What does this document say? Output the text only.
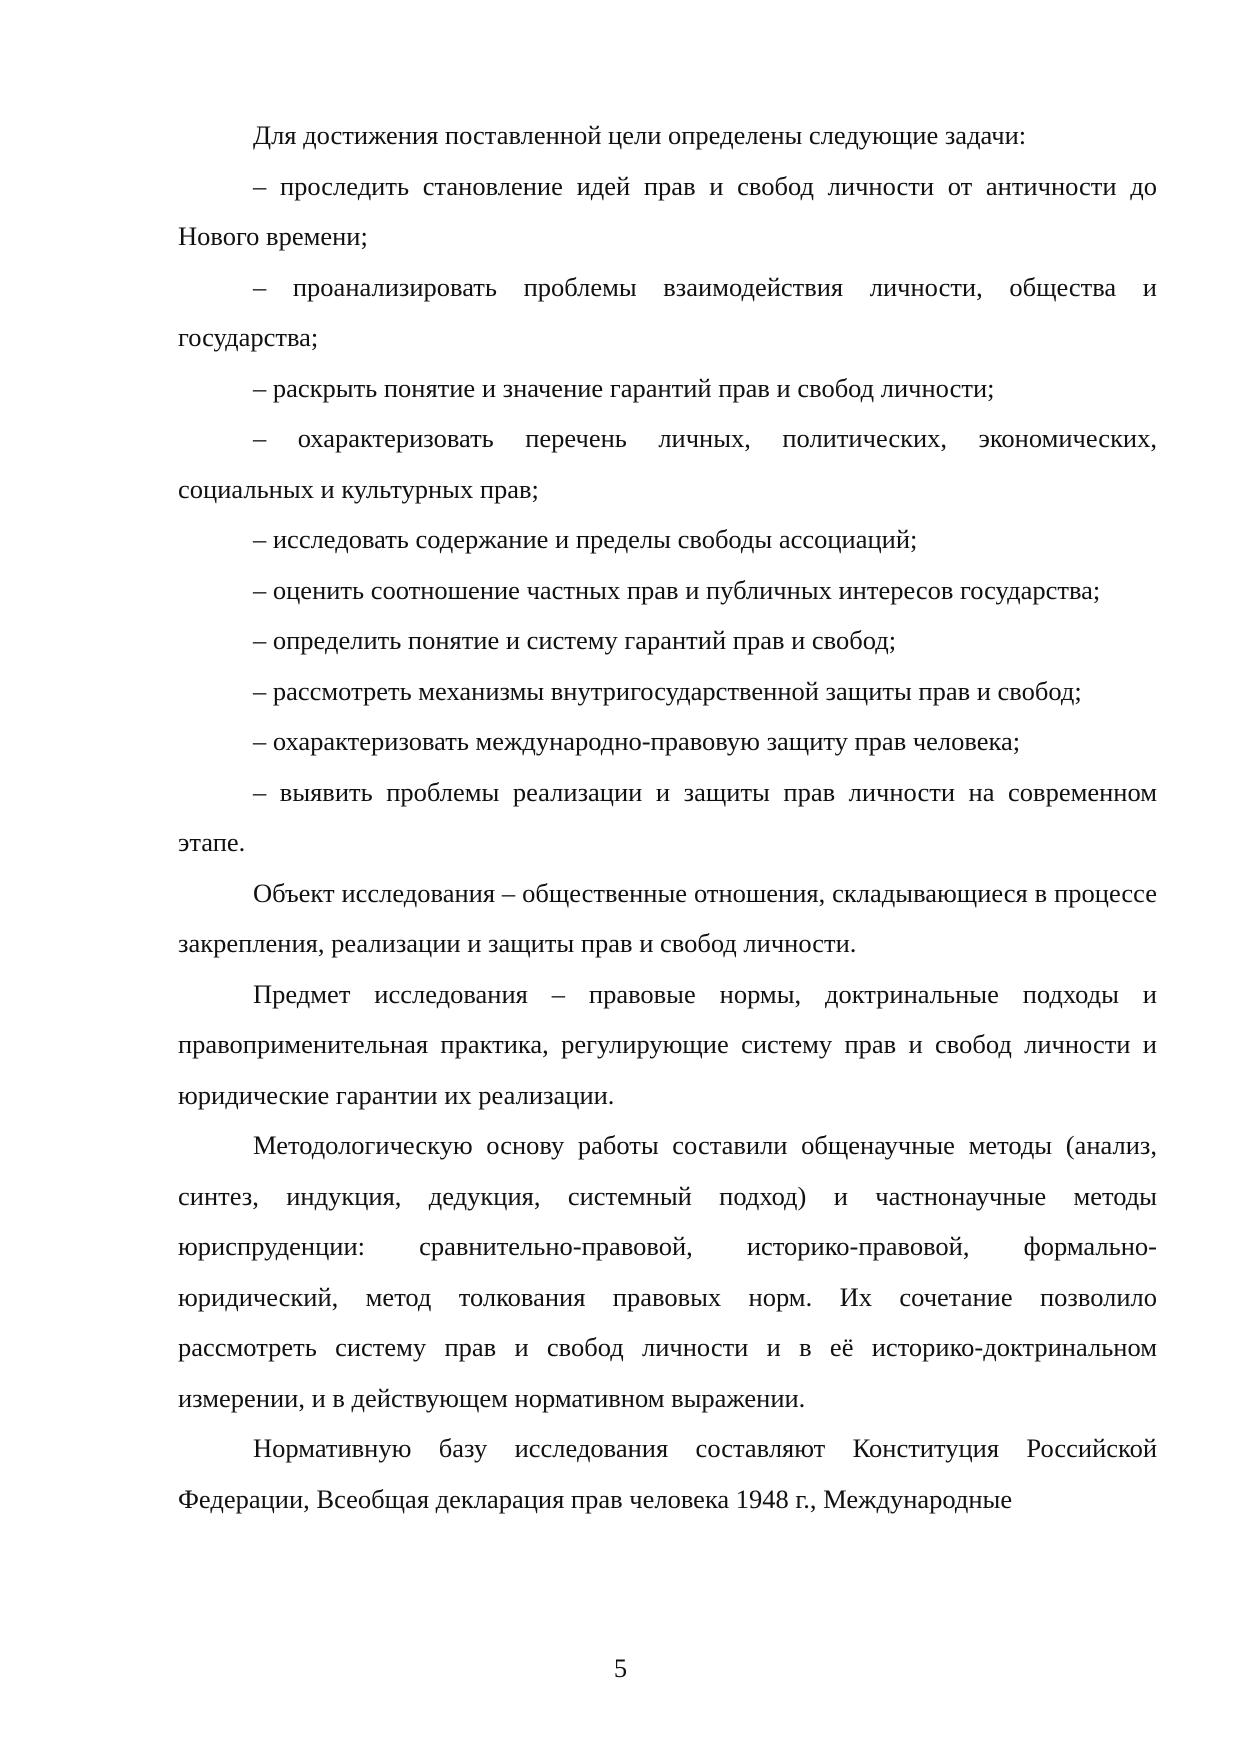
Для достижения поставленной цели определены следующие задачи:

– проследить становление идей прав и свобод личности от античности до Нового времени;

– проанализировать проблемы взаимодействия личности, общества и государства;

– раскрыть понятие и значение гарантий прав и свобод личности;

– охарактеризовать перечень личных, политических, экономических, социальных и культурных прав;

– исследовать содержание и пределы свободы ассоциаций;

– оценить соотношение частных прав и публичных интересов государства;

– определить понятие и систему гарантий прав и свобод;

– рассмотреть механизмы внутригосударственной защиты прав и свобод;

– охарактеризовать международно-правовую защиту прав человека;

– выявить проблемы реализации и защиты прав личности на современном этапе.

Объект исследования – общественные отношения, складывающиеся в процессе закрепления, реализации и защиты прав и свобод личности.

Предмет исследования – правовые нормы, доктринальные подходы и правоприменительная практика, регулирующие систему прав и свобод личности и юридические гарантии их реализации.

Методологическую основу работы составили общенаучные методы (анализ, синтез, индукция, дедукция, системный подход) и частнонаучные методы юриспруденции: сравнительно-правовой, историко-правовой, формально-юридический, метод толкования правовых норм. Их сочетание позволило рассмотреть систему прав и свобод личности и в её историко-доктринальном измерении, и в действующем нормативном выражении.

Нормативную базу исследования составляют Конституция Российской Федерации, Всеобщая декларация прав человека 1948 г., Международные

5
